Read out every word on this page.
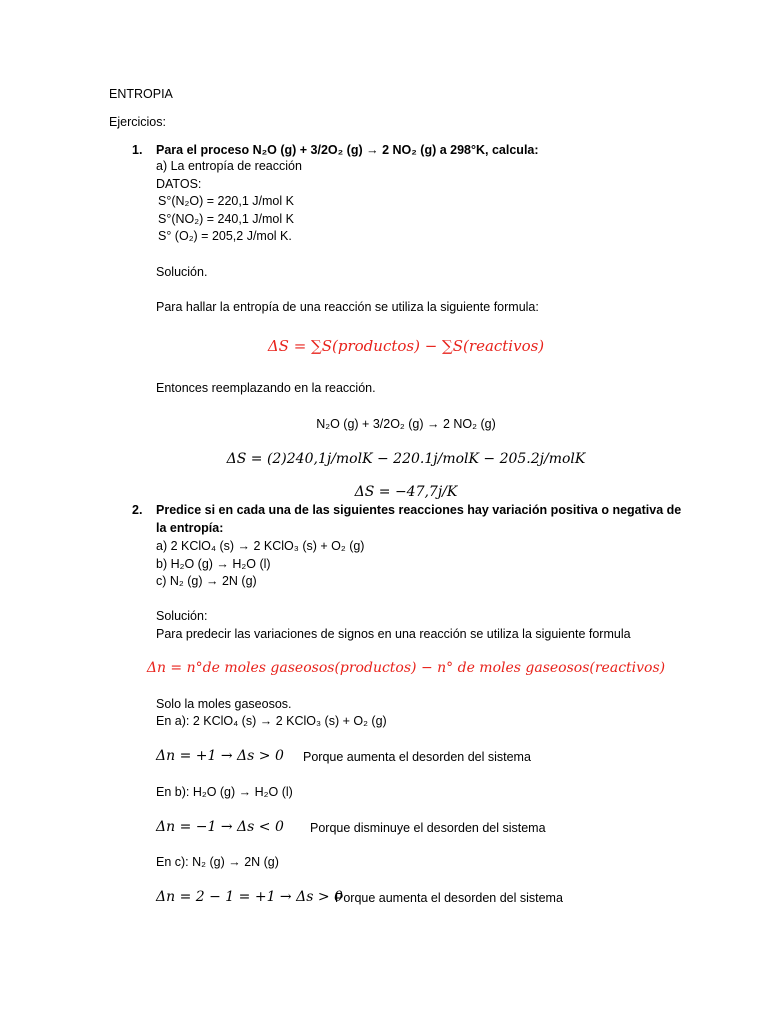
ENTROPIA
Ejercicios:
1. Para el proceso N₂O (g) + 3/2O₂ (g) → 2 NO₂ (g) a 298°K, calcula:
a) La entropía de reacción
DATOS:
S°(N₂O) = 220,1 J/mol K
S°(NO₂) = 240,1 J/mol K
S° (O₂) = 205,2 J/mol K.
Solución.
Para hallar la entropía de una reacción se utiliza la siguiente formula:
ΔS = ∑S(productos) − ∑S(reactivos)
Entonces reemplazando en la reacción.
N₂O (g) + 3/2O₂ (g) → 2 NO₂ (g)
ΔS = (2)240,1j/molK − 220.1j/molK − 205.2j/molK
ΔS = −47,7j/K
2. Predice si en cada una de las siguientes reacciones hay variación positiva o negativa de
la entropía:
a) 2 KClO₄ (s) → 2 KClO₃ (s) + O₂ (g)
b) H₂O (g) → H₂O (l)
c) N₂ (g) → 2N (g)
Solución:
Para predecir las variaciones de signos en una reacción se utiliza la siguiente formula
Δn = n°de moles gaseosos(productos) − n° de moles gaseosos(reactivos)
Solo la moles gaseosos.
En a): 2 KClO₄ (s) → 2 KClO₃ (s) + O₂ (g)
Δn = +1 → Δs > 0 Porque aumenta el desorden del sistema
En b): H₂O (g) → H₂O (l)
Δn = −1 → Δs < 0 Porque disminuye el desorden del sistema
En c): N₂ (g) → 2N (g)
Δn = 2 − 1 = +1 → Δs > 0
Porque aumenta el desorden del sistema
